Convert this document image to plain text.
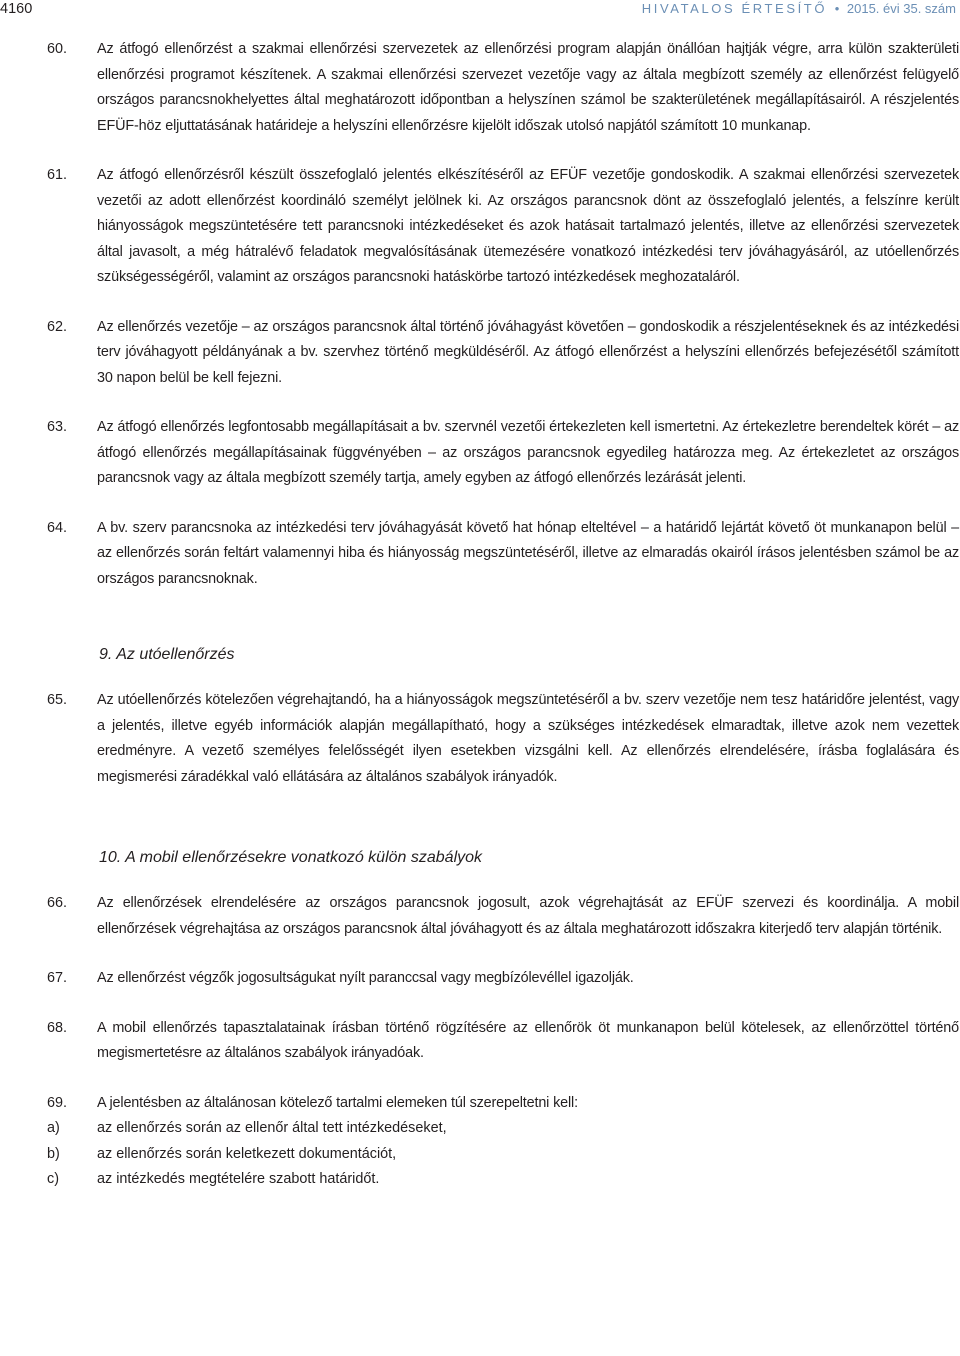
4160	HIVATALOS ÉRTESÍTŐ • 2015. évi 35. szám

60. Az átfogó ellenőrzést a szakmai ellenőrzési szervezetek az ellenőrzési program alapján önállóan hajtják végre, arra külön szakterületi ellenőrzési programot készítenek. A szakmai ellenőrzési szervezet vezetője vagy az általa megbízott személy az ellenőrzést felügyelő országos parancsnokhelyettes által meghatározott időpontban a helyszínen számol be szakterületének megállapításairól. A részjelentés EFÜF-höz eljuttatásának határideje a helyszíni ellenőrzésre kijelölt időszak utolsó napjától számított 10 munkanap.

61. Az átfogó ellenőrzésről készült összefoglaló jelentés elkészítéséről az EFÜF vezetője gondoskodik. A szakmai ellenőrzési szervezetek vezetői az adott ellenőrzést koordináló személyt jelölnek ki. Az országos parancsnok dönt az összefoglaló jelentés, a felszínre került hiányosságok megszüntetésére tett parancsnoki intézkedéseket és azok hatásait tartalmazó jelentés, illetve az ellenőrzési szervezetek által javasolt, a még hátralévő feladatok megvalósításának ütemezésére vonatkozó intézkedési terv jóváhagyásáról, az utóellenőrzés szükségességéről, valamint az országos parancsnoki hatáskörbe tartozó intézkedések meghozataláról.

62. Az ellenőrzés vezetője – az országos parancsnok által történő jóváhagyást követően – gondoskodik a részjelentéseknek és az intézkedési terv jóváhagyott példányának a bv. szervhez történő megküldéséről. Az átfogó ellenőrzést a helyszíni ellenőrzés befejezésétől számított 30 napon belül be kell fejezni.

63. Az átfogó ellenőrzés legfontosabb megállapításait a bv. szervnél vezetői értekezleten kell ismertetni. Az értekezletre berendeltek körét – az átfogó ellenőrzés megállapításainak függvényében – az országos parancsnok egyedileg határozza meg. Az értekezletet az országos parancsnok vagy az általa megbízott személy tartja, amely egyben az átfogó ellenőrzés lezárását jelenti.

64. A bv. szerv parancsnoka az intézkedési terv jóváhagyását követő hat hónap elteltével – a határidő lejártát követő öt munkanapon belül – az ellenőrzés során feltárt valamennyi hiba és hiányosság megszüntetéséről, illetve az elmaradás okairól írásos jelentésben számol be az országos parancsnoknak.

9. Az utóellenőrzés

65. Az utóellenőrzés kötelezően végrehajtandó, ha a hiányosságok megszüntetéséről a bv. szerv vezetője nem tesz határidőre jelentést, vagy a jelentés, illetve egyéb információk alapján megállapítható, hogy a szükséges intézkedések elmaradtak, illetve azok nem vezettek eredményre. A vezető személyes felelősségét ilyen esetekben vizsgálni kell. Az ellenőrzés elrendelésére, írásba foglalására és megismerési záradékkal való ellátására az általános szabályok irányadók.

10. A mobil ellenőrzésekre vonatkozó külön szabályok

66. Az ellenőrzések elrendelésére az országos parancsnok jogosult, azok végrehajtását az EFÜF szervezi és koordinálja. A mobil ellenőrzések végrehajtása az országos parancsnok által jóváhagyott és az általa meghatározott időszakra kiterjedő terv alapján történik.

67. Az ellenőrzést végzők jogosultságukat nyílt paranccsal vagy megbízólevéllel igazolják.

68. A mobil ellenőrzés tapasztalatainak írásban történő rögzítésére az ellenőrök öt munkanapon belül kötelesek, az ellenőrzöttel történő megismertetésre az általános szabályok irányadóak.

69. A jelentésben az általánosan kötelező tartalmi elemeken túl szerepeltetni kell:

a)	az ellenőrzés során az ellenőr által tett intézkedéseket,
b)	az ellenőrzés során keletkezett dokumentációt,
c)	az intézkedés megtételére szabott határidőt.
